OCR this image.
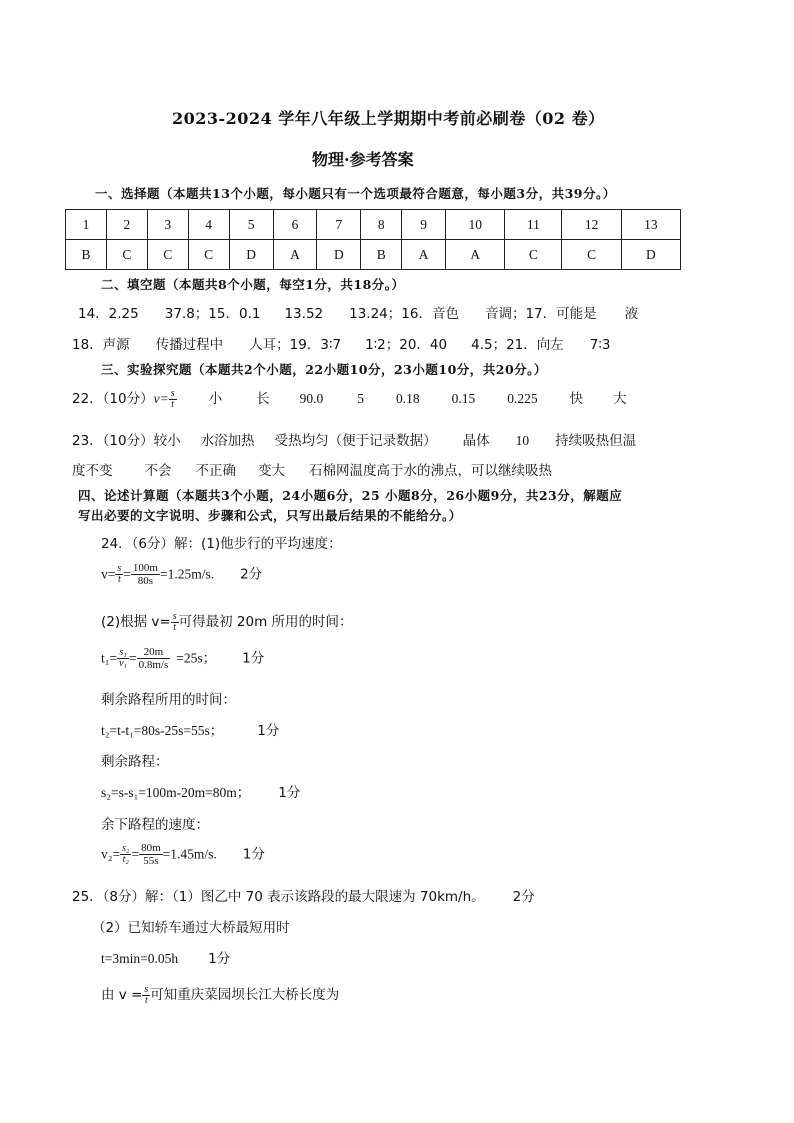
2023-2024 学年八年级上学期期中考前必刷卷（02 卷）
物理·参考答案
一、选择题（本题共13个小题，每小题只有一个选项最符合题意，每小题3分，共39分。）
1	2	3	4	5	6	7	8	9	10	11	12	13
B	C	C	C	D	A	D	B	A	A	C	C	D
二、填空题（本题共8个小题，每空1分，共18分。）
14．2.25 37.8；15．0.1 13.52 13.24；16．音色 音调；17．可能是 液
18．声源 传播过程中 人耳；19．3∶7 1∶2；20．40 4.5；21．向左 7∶3
三、实验探究题（本题共2个小题，22小题10分，23小题10分，共20分。）
22．（10分）$v= \frac{s}{t}$ 小	长 90.0	5 0.18 0.15 0.225 快 大
23．（10分）较小 水浴加热 受热均匀（便于记录数据） 晶体 10 持续吸热但温
度不变 不会 不正确 变大 石棉网温度高于水的沸点，可以继续吸热
四、论述计算题（本题共3个小题，24小题6分，25 小题8分，26小题9分，共23分，解题应
写出必要的文字说明、步骤和公式，只写出最后结果的不能给分。）
24．（6分）解：(1)他步行的平均速度：
$v= \frac{s}{t} = \frac{100m}{80s} =1.25m/s$. 2分
(2)根据 $v= \frac{s}{t}$ 可得最初 20m 所用的时间：
$t_1= \frac{\text{s₁}}{\text{v₁}} = \frac{20m}{0.8m/s} =25s$； 1分
剩余路程所用的时间：
t₂=t-t₁=80s-25s=55s；	1分
剩余路程：
s₂=s-s₁=100m-20m=80m； 1分
余下路程的速度：
$v_2= \frac{\text{s₂}}{\text{t₂}} = \frac{80m}{55s} =1.45m/s$. 1分
25．（8分）解：（1）图乙中 70 表示该路段的最大限速为 70km/h。 2分
（2）已知轿车通过大桥最短用时
t=3min=0.05h 1分
由 $v = \frac{s}{t}$ 可知重庆菜园坝长江大桥长度为
